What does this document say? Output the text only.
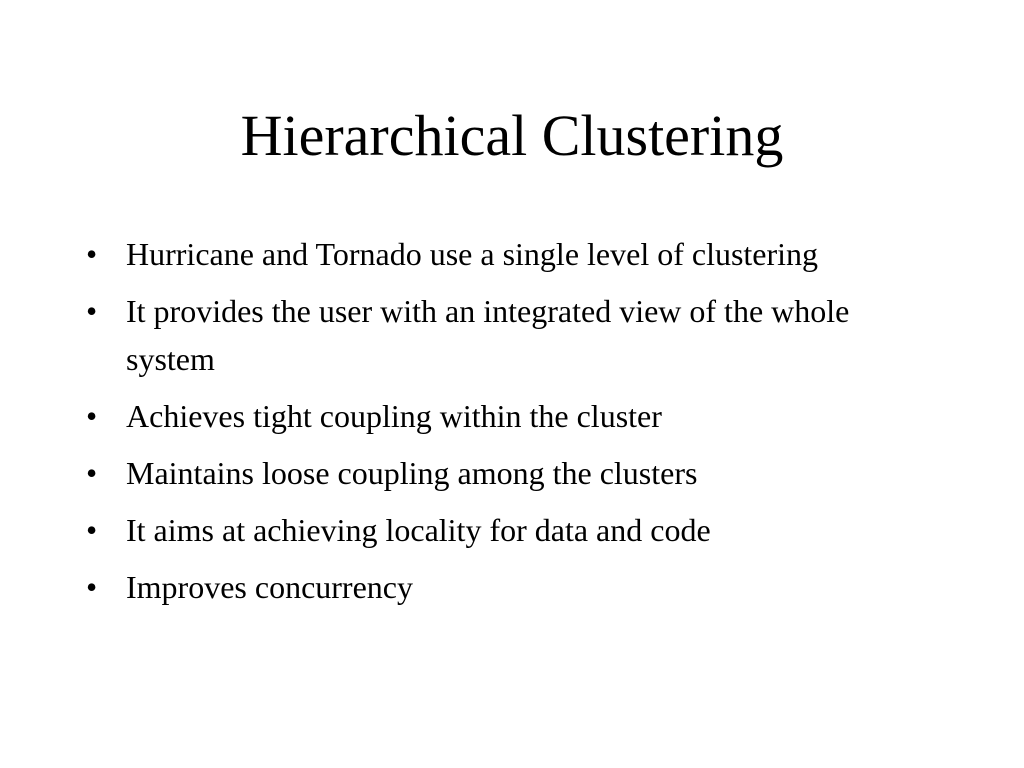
Hierarchical Clustering
• Hurricane and Tornado use a single level of clustering
• It provides the user with an integrated view of the whole system
• Achieves tight coupling within the cluster
• Maintains loose coupling among the clusters
• It aims at achieving locality for data and code
• Improves concurrency
